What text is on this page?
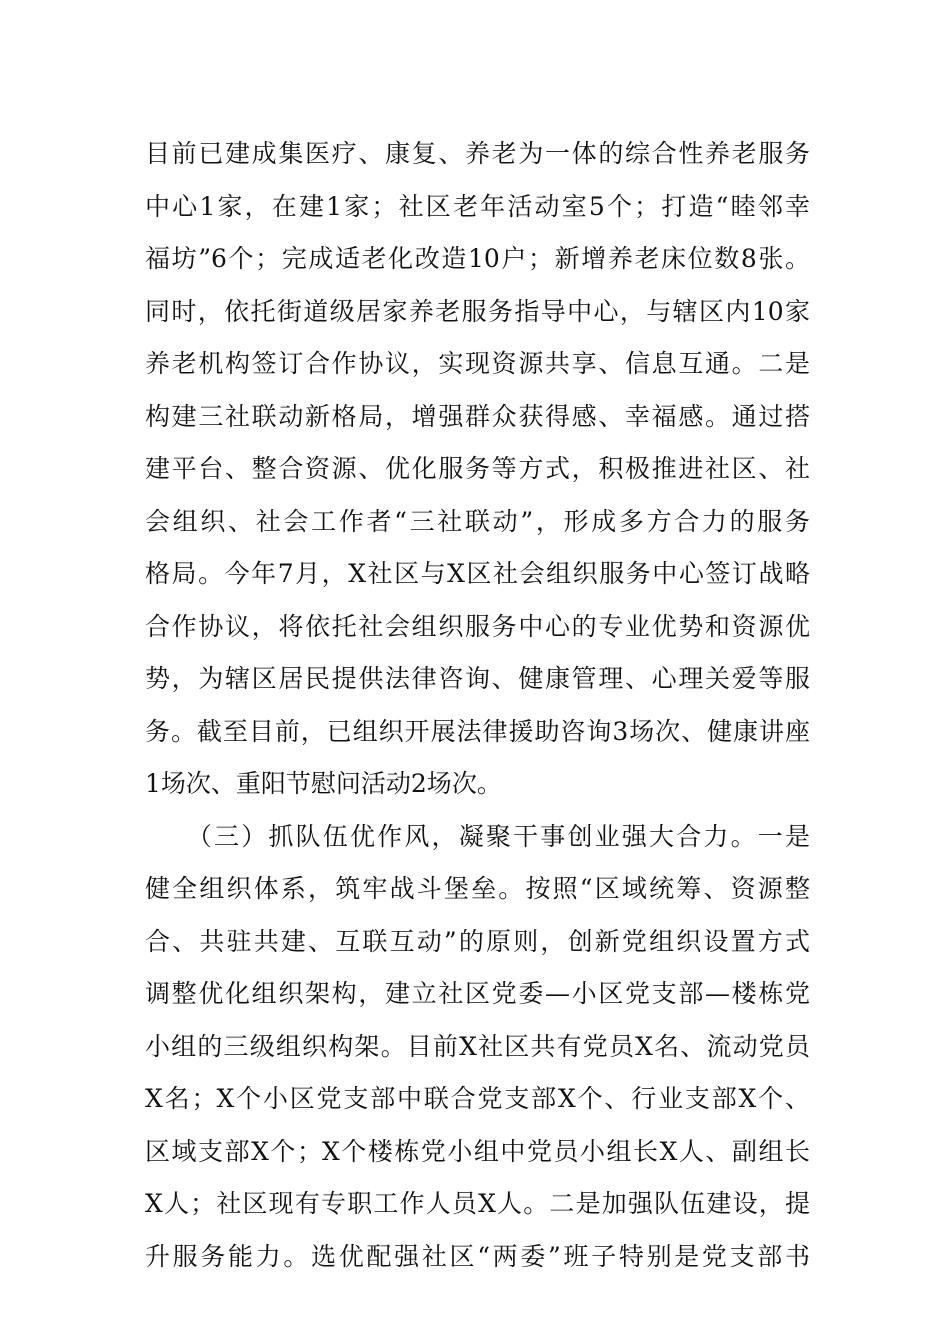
目前已建成集医疗、康复、养老为一体的综合性养老服务
中心1家，在建1家；社区老年活动室5个；打造“睦邻幸
福坊”6个；完成适老化改造10户；新增养老床位数8张。
同时，依托街道级居家养老服务指导中心，与辖区内10家
养老机构签订合作协议，实现资源共享、信息互通。二是
构建三社联动新格局，增强群众获得感、幸福感。通过搭
建平台、整合资源、优化服务等方式，积极推进社区、社
会组织、社会工作者“三社联动”，形成多方合力的服务
格局。今年7月，X社区与X区社会组织服务中心签订战略
合作协议，将依托社会组织服务中心的专业优势和资源优
势，为辖区居民提供法律咨询、健康管理、心理关爱等服
务。截至目前，已组织开展法律援助咨询3场次、健康讲座
1场次、重阳节慰问活动2场次。
　　（三）抓队伍优作风，凝聚干事创业强大合力。一是
健全组织体系，筑牢战斗堡垒。按照“区域统筹、资源整
合、共驻共建、互联互动”的原则，创新党组织设置方式
调整优化组织架构，建立社区党委—小区党支部—楼栋党
小组的三级组织构架。目前X社区共有党员X名、流动党员
X名；X个小区党支部中联合党支部X个、行业支部X个、
区域支部X个；X个楼栋党小组中党员小组长X人、副组长
X人；社区现有专职工作人员X人。二是加强队伍建设，提
升服务能力。选优配强社区“两委”班子特别是党支部书
